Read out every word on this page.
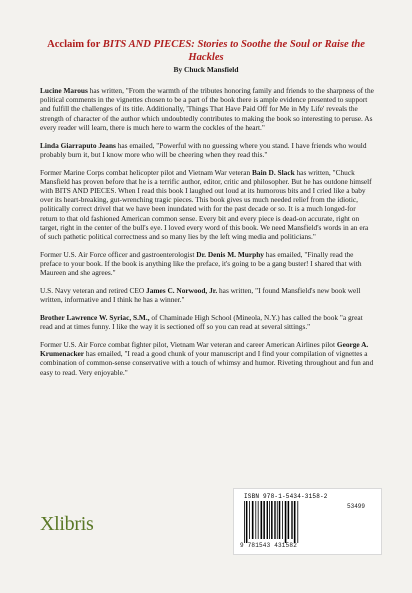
Acclaim for BITS AND PIECES: Stories to Soothe the Soul or Raise the Hackles

By Chuck Mansfield

Lucine Marous has written, "From the warmth of the tributes honoring family and friends to the sharpness of the political comments in the vignettes chosen to be a part of the book there is ample evidence presented to support and fulfill the challenges of its title. Additionally, 'Things That Have Paid Off for Me in My Life' reveals the strength of character of the author which undoubtedly contributes to making the book so interesting to peruse. As every reader will learn, there is much here to warm the cockles of the heart."

Linda Giarraputo Jeans has emailed, "Powerful with no guessing where you stand. I have friends who would probably burn it, but I know more who will be cheering when they read this."

Former Marine Corps combat helicopter pilot and Vietnam War veteran Bain D. Slack has written, "Chuck Mansfield has proven before that he is a terrific author, editor, critic and philosopher. But he has outdone himself with BITS AND PIECES. When I read this book I laughed out loud at its humorous bits and I cried like a baby over its heart-breaking, gut-wrenching tragic pieces. This book gives us much needed relief from the idiotic, politically correct drivel that we have been inundated with for the past decade or so. It is a much longed-for return to that old fashioned American common sense. Every bit and every piece is dead-on accurate, right on target, right in the center of the bull's eye. I loved every word of this book. We need Mansfield's words in an era of such pathetic political correctness and so many lies by the left wing media and politicians."

Former U.S. Air Force officer and gastroenterologist Dr. Denis M. Murphy has emailed, "Finally read the preface to your book. If the book is anything like the preface, it's going to be a gang buster! I shared that with Maureen and she agrees."

U.S. Navy veteran and retired CEO James C. Norwood, Jr. has written, "I found Mansfield's new book well written, informative and I think he has a winner."

Brother Lawrence W. Syriac, S.M., of Chaminade High School (Mineola, N.Y.) has called the book "a great read and at times funny. I like the way it is sectioned off so you can read at several sittings."

Former U.S. Air Force combat fighter pilot, Vietnam War veteran and career American Airlines pilot George A. Krumenacker has emailed, "I read a good chunk of your manuscript and I find your compilation of vignettes a combination of common-sense conservative with a touch of whimsy and humor. Riveting throughout and fun and easy to read. Very enjoyable."

Xlibris
ISBN 978-1-5434-3158-2
53499
9 781543 431582
